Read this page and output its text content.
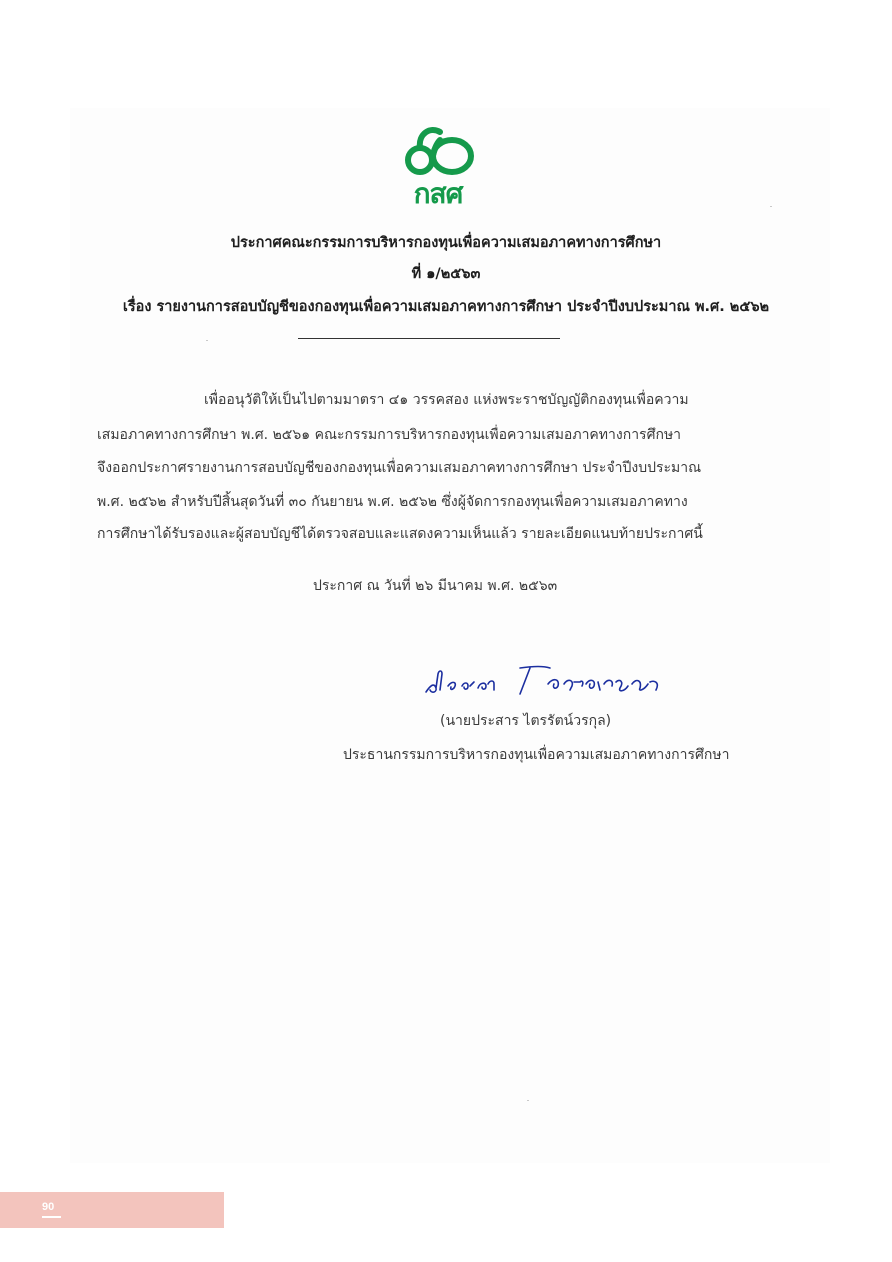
กสศ
ประกาศคณะกรรมการบริหารกองทุนเพื่อความเสมอภาคทางการศึกษา
ที่ ๑/๒๕๖๓
เรื่อง รายงานการสอบบัญชีของกองทุนเพื่อความเสมอภาคทางการศึกษา ประจำปีงบประมาณ พ.ศ. ๒๕๖๒
เพื่ออนุวัติให้เป็นไปตามมาตรา ๔๑ วรรคสอง แห่งพระราชบัญญัติกองทุนเพื่อความ
เสมอภาคทางการศึกษา พ.ศ. ๒๕๖๑ คณะกรรมการบริหารกองทุนเพื่อความเสมอภาคทางการศึกษา
จึงออกประกาศรายงานการสอบบัญชีของกองทุนเพื่อความเสมอภาคทางการศึกษา ประจำปีงบประมาณ
พ.ศ. ๒๕๖๒ สำหรับปีสิ้นสุดวันที่ ๓๐ กันยายน พ.ศ. ๒๕๖๒ ซึ่งผู้จัดการกองทุนเพื่อความเสมอภาคทาง
การศึกษาได้รับรองและผู้สอบบัญชีได้ตรวจสอบและแสดงความเห็นแล้ว รายละเอียดแนบท้ายประกาศนี้
ประกาศ ณ วันที่ ๒๖ มีนาคม พ.ศ. ๒๕๖๓
(นายประสาร ไตรรัตน์วรกุล)
ประธานกรรมการบริหารกองทุนเพื่อความเสมอภาคทางการศึกษา
90
